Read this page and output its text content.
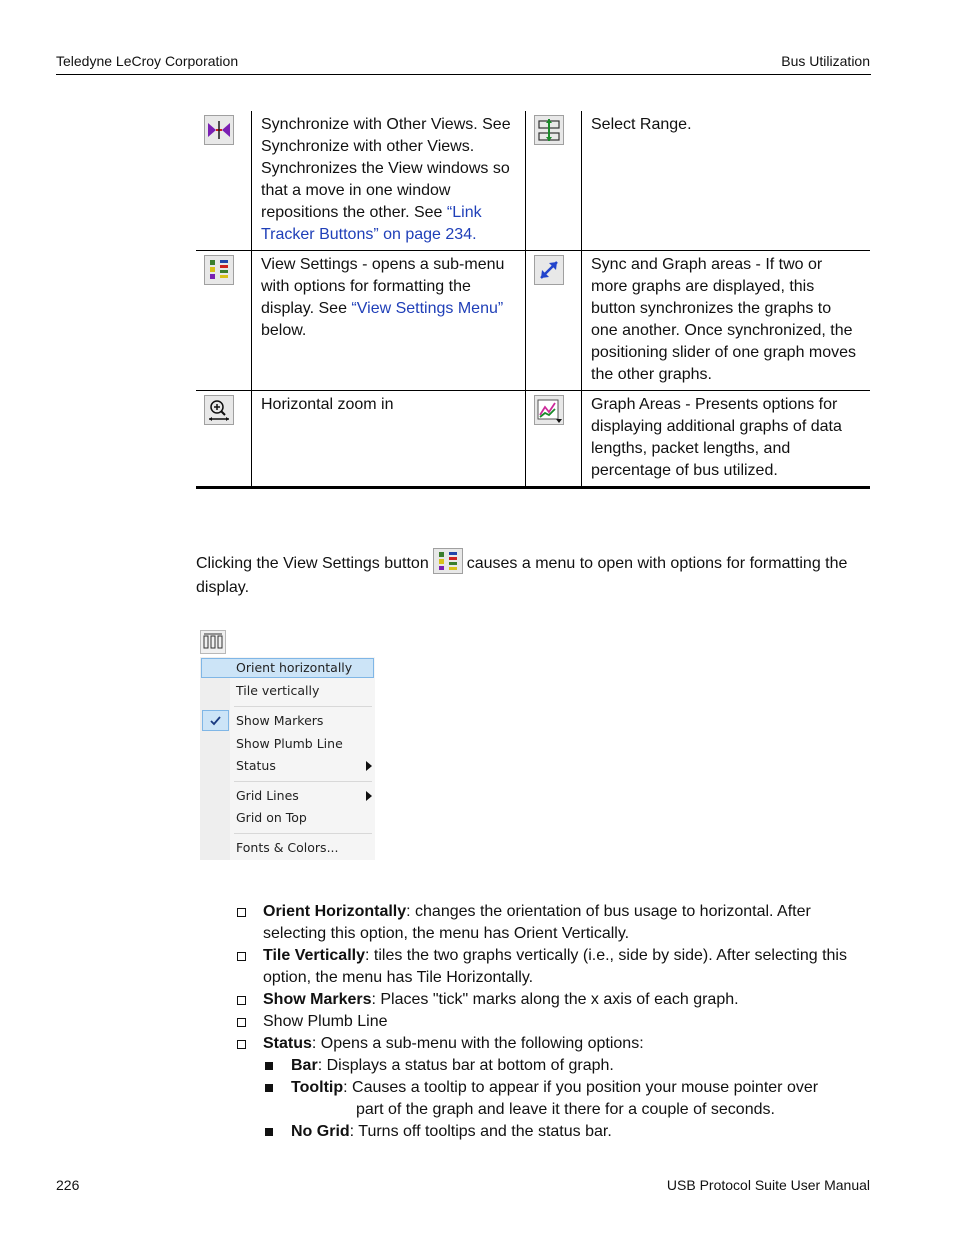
Teledyne LeCroy Corporation	Bus Utilization
	Synchronize with Other Views. See Synchronize with other Views. Synchronizes the View windows so that a move in one window repositions the other. See “Link Tracker Buttons” on page 234.		Select Range.

	View Settings - opens a sub-menu with options for formatting the display. See “View Settings Menu” below.		Sync and Graph areas - If two or more graphs are displayed, this button synchronizes the graphs to one another. Once synchronized, the positioning slider of one graph moves the other graphs.

	Horizontal zoom in		Graph Areas - Presents options for displaying additional graphs of data lengths, packet lengths, and percentage of bus utilized.
Clicking the View Settings button causes a menu to open with options for formatting the display.
Orient horizontally
Tile vertically
Show Markers
Show Plumb Line
Status
Grid Lines
Grid on Top
Fonts & Colors...
Orient Horizontally: changes the orientation of bus usage to horizontal. After selecting this option, the menu has Orient Vertically.
Tile Vertically: tiles the two graphs vertically (i.e., side by side). After selecting this option, the menu has Tile Horizontally.
Show Markers: Places "tick" marks along the x axis of each graph.
Show Plumb Line
Status: Opens a sub-menu with the following options:
Bar: Displays a status bar at bottom of graph.
Tooltip: Causes a tooltip to appear if you position your mouse pointer over
part of the graph and leave it there for a couple of seconds.
No Grid: Turns off tooltips and the status bar.
226	USB Protocol Suite User Manual
